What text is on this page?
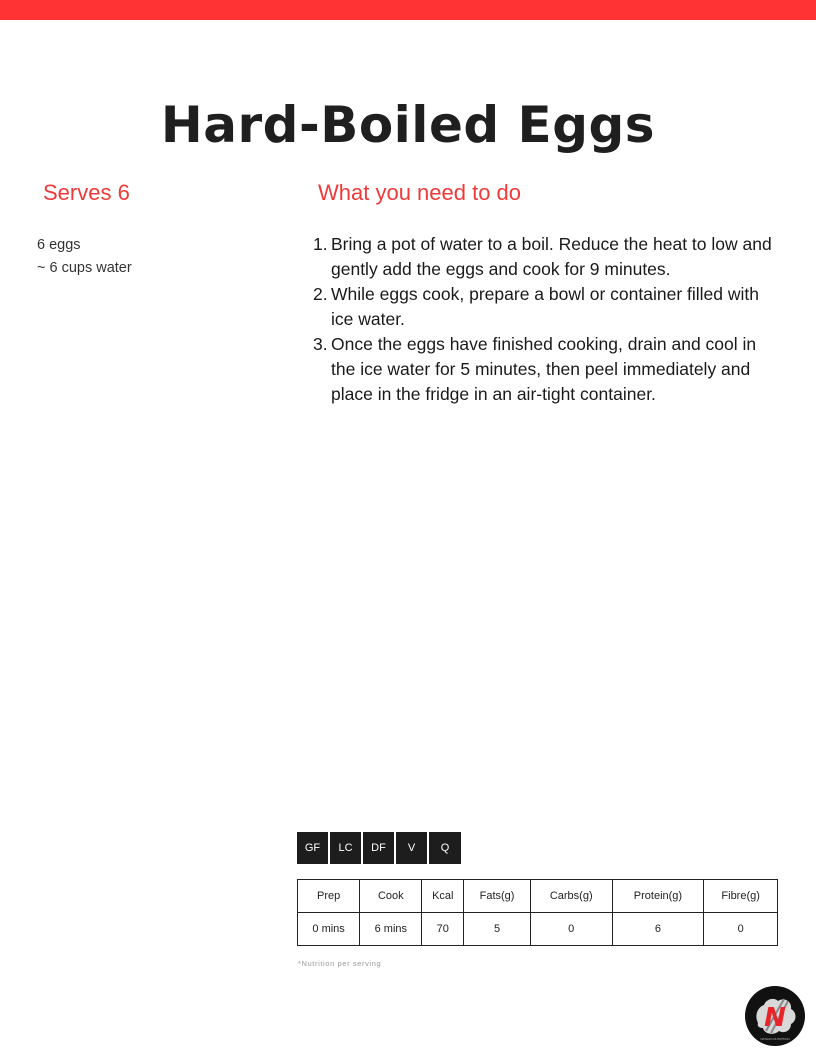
Hard-Boiled Eggs
Serves 6
6 eggs
~ 6 cups water
What you need to do
1. Bring a pot of water to a boil. Reduce the heat to low and gently add the eggs and cook for 9 minutes.
2. While eggs cook, prepare a bowl or container filled with ice water.
3. Once the eggs have finished cooking, drain and cool in the ice water for 5 minutes, then peel immediately and place in the fridge in an air-tight container.
GF	LC	DF	V	Q
Prep	Cook	Kcal	Fats(g)	Carbs(g)	Protein(g)	Fibre(g)
0 mins	6 mins	70	5	0	6	0
*Nutrition per serving
N
NATHAN NUTRITION
